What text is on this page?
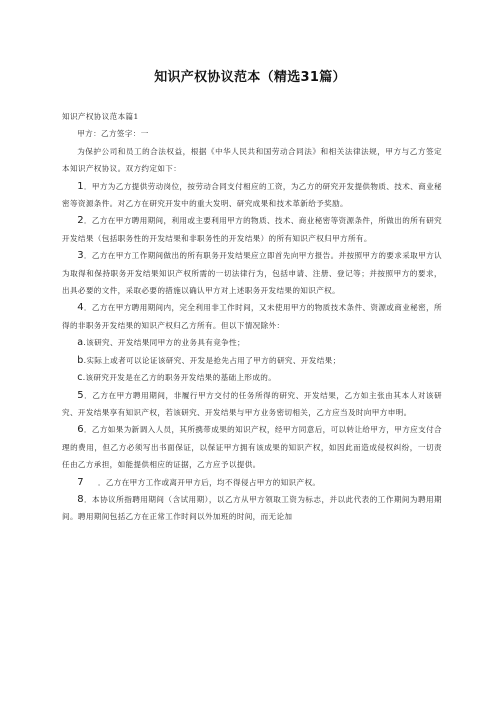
知识产权协议范本（精选31篇）

知识产权协议范本篇1

甲方：乙方签字：一

为保护公司和员工的合法权益，根据《中华人民共和国劳动合同法》和相关法律法规，甲方与乙方签定本知识产权协议。双方约定如下：

1．甲方为乙方提供劳动岗位，按劳动合同支付相应的工资，为乙方的研究开发提供物质、技术、商业秘密等资源条件。对乙方在研究开发中的重大发明、研究成果和技术革新给予奖励。

2．乙方在甲方聘用期间，利用或主要利用甲方的物质、技术、商业秘密等资源条件，所做出的所有研究开发结果（包括职务性的开发结果和非职务性的开发结果）的所有知识产权归甲方所有。

3．乙方在甲方工作期间做出的所有职务开发结果应立即首先向甲方报告。并按照甲方的要求采取甲方认为取得和保持职务开发结果知识产权所需的一切法律行为，包括申请、注册、登记等；并按照甲方的要求，出具必要的文件，采取必要的措施以确认甲方对上述职务开发结果的知识产权。

4．乙方在甲方聘用期间内，完全利用非工作时间，又未使用甲方的物质技术条件、资源或商业秘密，所得的非职务开发结果的知识产权归乙方所有。但以下情况除外：

a.该研究、开发结果同甲方的业务具有竞争性；

b.实际上或者可以论证该研究、开发是抢先占用了甲方的研究、开发结果；

c.该研究开发是在乙方的职务开发结果的基础上形成的。

5．乙方在甲方聘用期间，非履行甲方交付的任务所得的研究、开发结果，乙方如主张由其本人对该研究、开发结果享有知识产权，若该研究、开发结果与甲方业务密切相关，乙方应当及时向甲方申明。

6．乙方如果为新调入人员，其所携带成果的知识产权，经甲方同意后，可以转让给甲方，甲方应支付合理的费用，但乙方必须写出书面保证，以保证甲方拥有该成果的知识产权，如因此而造成侵权纠纷，一切责任由乙方承担，如能提供相应的证据，乙方应予以提供。

7 ．乙方在甲方工作或离开甲方后，均不得侵占甲方的知识产权。

8．本协议所指聘用期间（含试用期），以乙方从甲方领取工资为标志，并以此代表的工作期间为聘用期间。聘用期间包括乙方在正常工作时间以外加班的时间，而无论加
